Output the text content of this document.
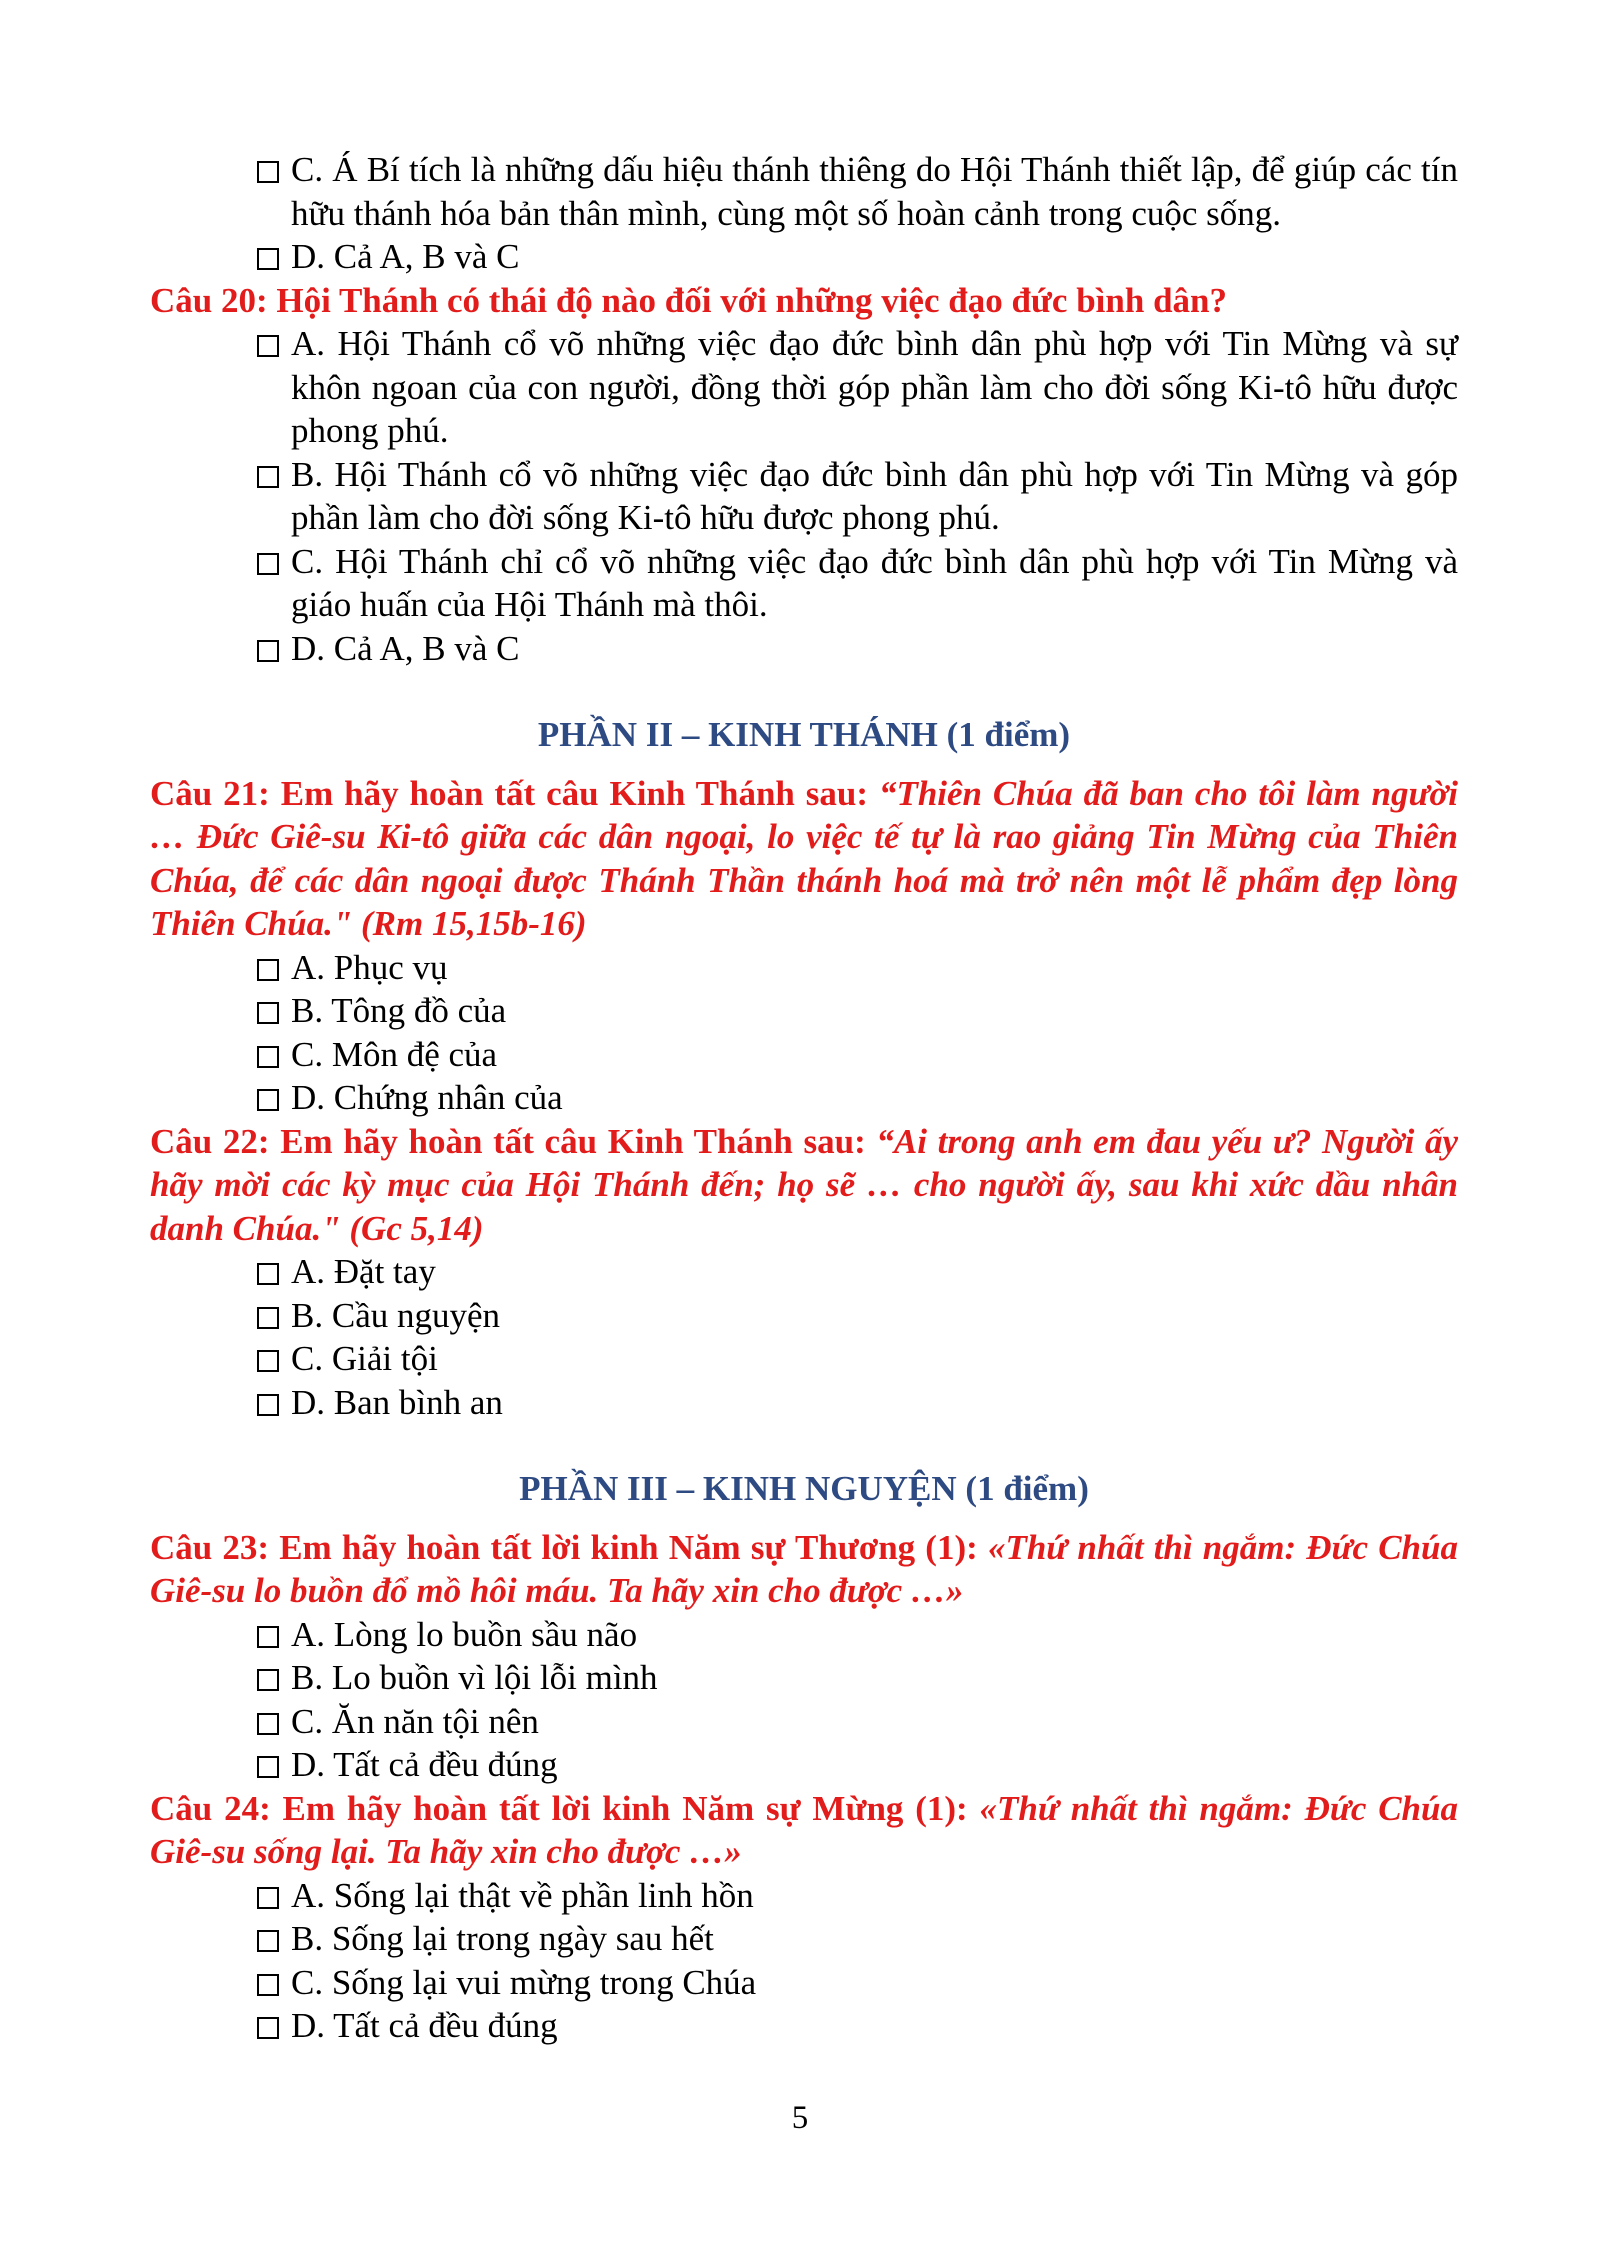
C. Á Bí tích là những dấu hiệu thánh thiêng do Hội Thánh thiết lập, để giúp các tín hữu thánh hóa bản thân mình, cùng một số hoàn cảnh trong cuộc sống.
D. Cả A, B và C
Câu 20: Hội Thánh có thái độ nào đối với những việc đạo đức bình dân?
A. Hội Thánh cổ võ những việc đạo đức bình dân phù hợp với Tin Mừng và sự khôn ngoan của con người, đồng thời góp phần làm cho đời sống Ki-tô hữu được phong phú.
B. Hội Thánh cổ võ những việc đạo đức bình dân phù hợp với Tin Mừng và góp phần làm cho đời sống Ki-tô hữu được phong phú.
C. Hội Thánh chỉ cổ võ những việc đạo đức bình dân phù hợp với Tin Mừng và giáo huấn của Hội Thánh mà thôi.
D. Cả A, B và C
PHẦN II – KINH THÁNH (1 điểm)
Câu 21: Em hãy hoàn tất câu Kinh Thánh sau: “Thiên Chúa đã ban cho tôi làm người … Đức Giê-su Ki-tô giữa các dân ngoại, lo việc tế tự là rao giảng Tin Mừng của Thiên Chúa, để các dân ngoại được Thánh Thần thánh hoá mà trở nên một lễ phẩm đẹp lòng Thiên Chúa." (Rm 15,15b-16)
A. Phục vụ
B. Tông đồ của
C. Môn đệ của
D. Chứng nhân của
Câu 22: Em hãy hoàn tất câu Kinh Thánh sau: “Ai trong anh em đau yếu ư? Người ấy hãy mời các kỳ mục của Hội Thánh đến; họ sẽ … cho người ấy, sau khi xức dầu nhân danh Chúa." (Gc 5,14)
A. Đặt tay
B. Cầu nguyện
C. Giải tội
D. Ban bình an
PHẦN III – KINH NGUYỆN (1 điểm)
Câu 23: Em hãy hoàn tất lời kinh Năm sự Thương (1): «Thứ nhất thì ngắm: Đức Chúa Giê-su lo buồn đổ mồ hôi máu. Ta hãy xin cho được …»
A. Lòng lo buồn sầu não
B. Lo buồn vì lội lỗi mình
C. Ăn năn tội nên
D. Tất cả đều đúng
Câu 24: Em hãy hoàn tất lời kinh Năm sự Mừng (1): «Thứ nhất thì ngắm: Đức Chúa Giê-su sống lại. Ta hãy xin cho được …»
A. Sống lại thật về phần linh hồn
B. Sống lại trong ngày sau hết
C. Sống lại vui mừng trong Chúa
D. Tất cả đều đúng
5
